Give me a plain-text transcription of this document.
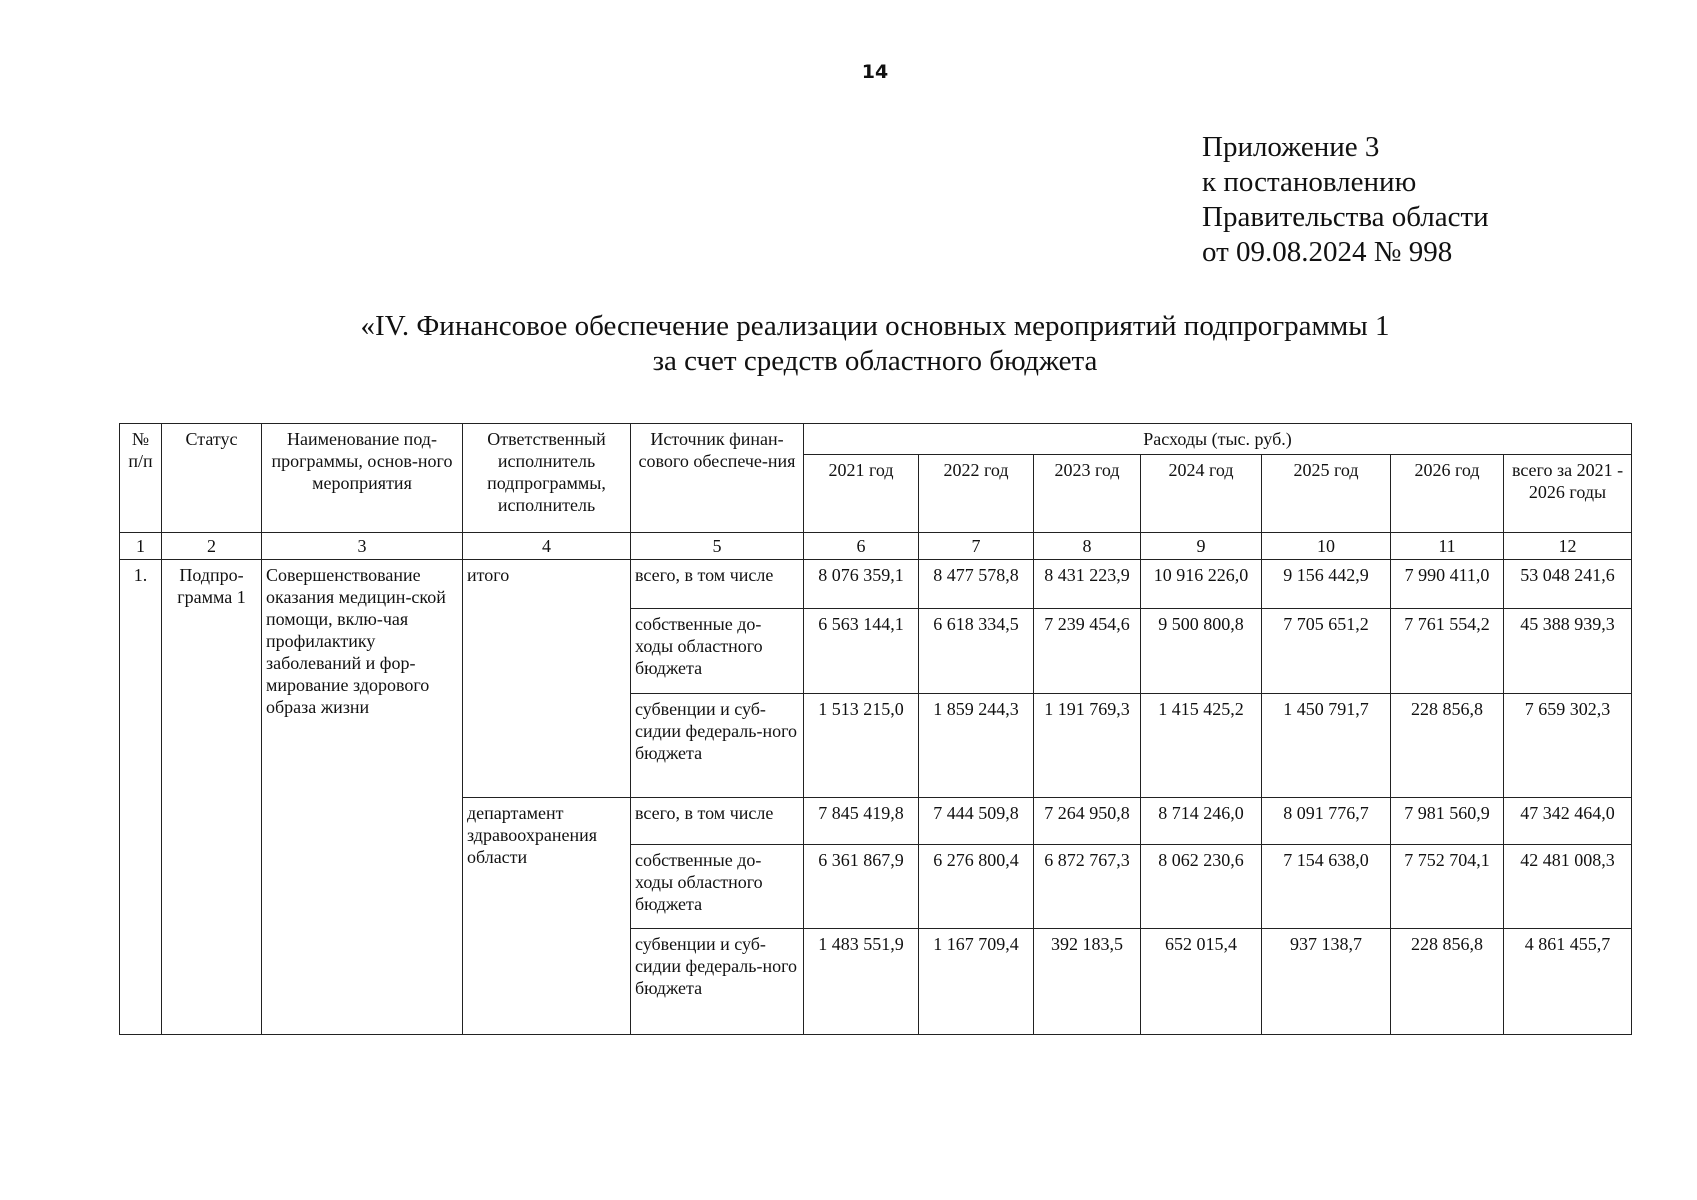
14
Приложение 3
к постановлению
Правительства области
от 09.08.2024 № 998
«IV. Финансовое обеспечение реализации основных мероприятий подпрограммы 1
за счет средств областного бюджета
№ п/п	Статус	Наименование под-программы, основ-ного мероприятия	Ответственный исполнитель подпрограммы, исполнитель	Источник финан-сового обеспече-ния	Расходы (тыс. руб.)						
					2021 год	2022 год	2023 год	2024 год	2025 год	2026 год	всего за 2021 - 2026 годы
1	2	3	4	5	6	7	8	9	10	11	12
1.	Подпро-грамма 1	Совершенствование оказания медицин-ской помощи, вклю-чая профилактику заболеваний и фор-мирование здорового образа жизни	итого	всего, в том числе	8 076 359,1	8 477 578,8	8 431 223,9	10 916 226,0	9 156 442,9	7 990 411,0	53 048 241,6
				собственные до-ходы областного бюджета	6 563 144,1	6 618 334,5	7 239 454,6	9 500 800,8	7 705 651,2	7 761 554,2	45 388 939,3
				субвенции и суб-сидии федераль-ного бюджета	1 513 215,0	1 859 244,3	1 191 769,3	1 415 425,2	1 450 791,7	228 856,8	7 659 302,3
			департамент здравоохранения области	всего, в том числе	7 845 419,8	7 444 509,8	7 264 950,8	8 714 246,0	8 091 776,7	7 981 560,9	47 342 464,0
				собственные до-ходы областного бюджета	6 361 867,9	6 276 800,4	6 872 767,3	8 062 230,6	7 154 638,0	7 752 704,1	42 481 008,3
				субвенции и суб-сидии федераль-ного бюджета	1 483 551,9	1 167 709,4	392 183,5	652 015,4	937 138,7	228 856,8	4 861 455,7
